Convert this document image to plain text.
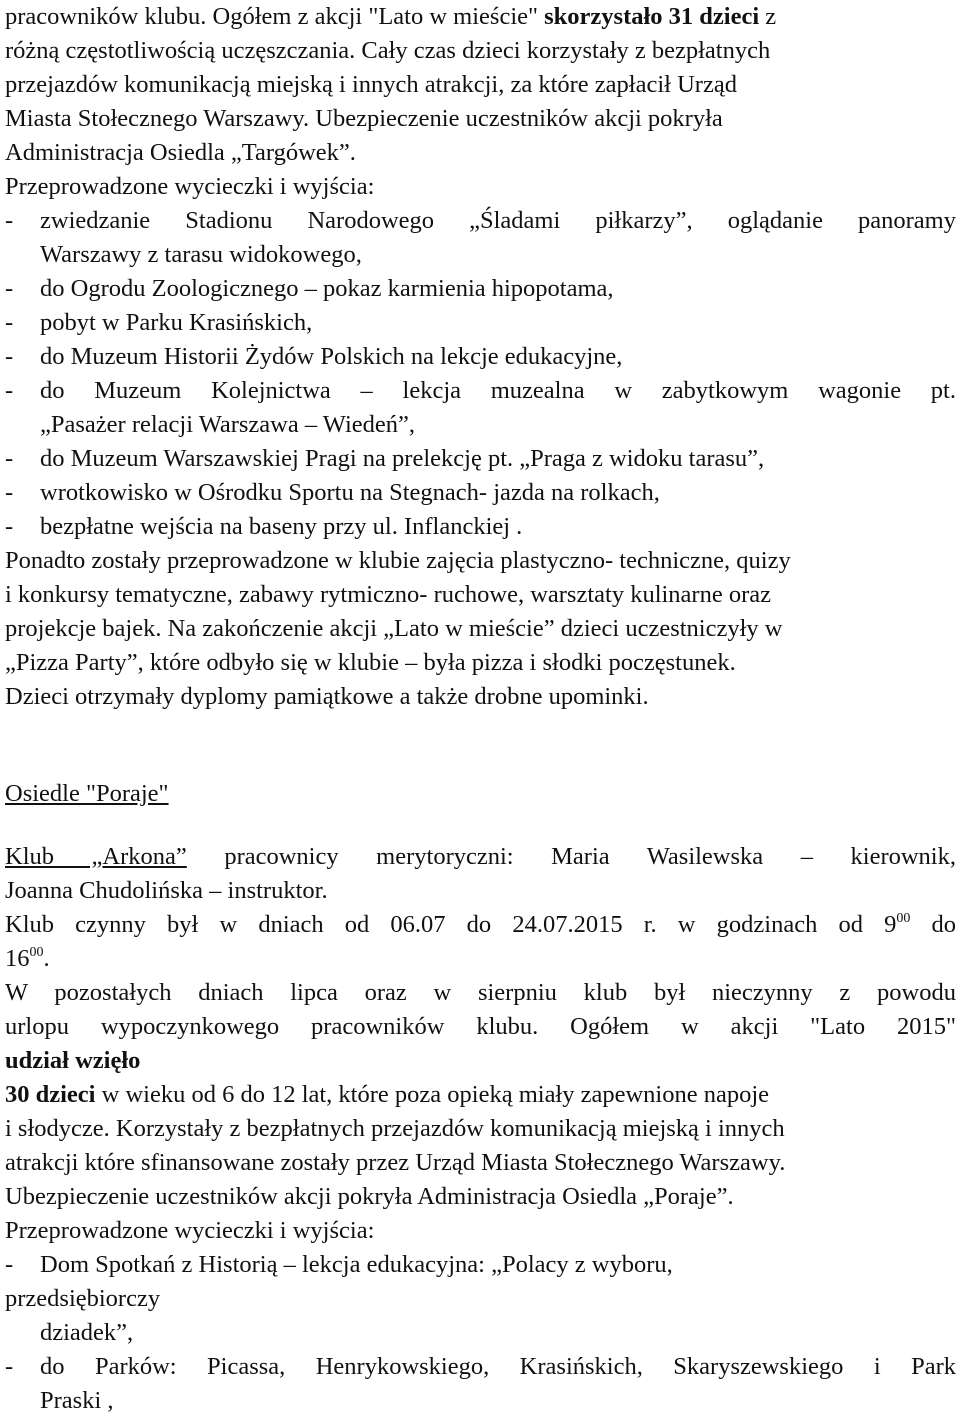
pracowników klubu. Ogółem z akcji "Lato w mieście" skorzystało 31 dzieci z
różną częstotliwością uczęszczania. Cały czas dzieci korzystały z bezpłatnych
przejazdów komunikacją miejską i innych atrakcji, za które zapłacił Urząd
Miasta Stołecznego Warszawy. Ubezpieczenie uczestników akcji pokryła
Administracja Osiedla „Targówek”.
Przeprowadzone wycieczki i wyjścia:
- zwiedzanie Stadionu Narodowego „Śladami piłkarzy”, oglądanie panoramy
Warszawy z tarasu widokowego,
- do Ogrodu Zoologicznego – pokaz karmienia hipopotama,
- pobyt w Parku Krasińskich,
- do Muzeum Historii Żydów Polskich na lekcje edukacyjne,
- do Muzeum Kolejnictwa – lekcja muzealna w zabytkowym wagonie pt.
„Pasażer relacji Warszawa – Wiedeń”,
- do Muzeum Warszawskiej Pragi na prelekcję pt. „Praga z widoku tarasu”,
- wrotkowisko w Ośrodku Sportu na Stegnach- jazda na rolkach,
- bezpłatne wejścia na baseny przy ul. Inflanckiej .
Ponadto zostały przeprowadzone w klubie zajęcia plastyczno- techniczne, quizy
i konkursy tematyczne, zabawy rytmiczno- ruchowe, warsztaty kulinarne oraz
projekcje bajek. Na zakończenie akcji „Lato w mieście” dzieci uczestniczyły w
„Pizza Party”, które odbyło się w klubie – była pizza i słodki poczęstunek.
Dzieci otrzymały dyplomy pamiątkowe a także drobne upominki.
Osiedle "Poraje"
Klub „Arkona” pracownicy merytoryczni: Maria Wasilewska – kierownik,
Joanna Chudolińska – instruktor.
Klub czynny był w dniach od 06.07 do 24.07.2015 r. w godzinach od $9^{00}$ do
$16^{00}$.
W pozostałych dniach lipca oraz w sierpniu klub był nieczynny z powodu
urlopu wypoczynkowego pracowników klubu. Ogółem w akcji "Lato 2015"
udział wzięło
30 dzieci w wieku od 6 do 12 lat, które poza opieką miały zapewnione napoje
i słodycze. Korzystały z bezpłatnych przejazdów komunikacją miejską i innych
atrakcji które sfinansowane zostały przez Urząd Miasta Stołecznego Warszawy.
Ubezpieczenie uczestników akcji pokryła Administracja Osiedla „Poraje”.
Przeprowadzone wycieczki i wyjścia:
- Dom Spotkań z Historią – lekcja edukacyjna: „Polacy z wyboru,
przedsiębiorczy
dziadek”,
- do Parków: Picassa, Henrykowskiego, Krasińskich, Skaryszewskiego i Park
Praski ,
